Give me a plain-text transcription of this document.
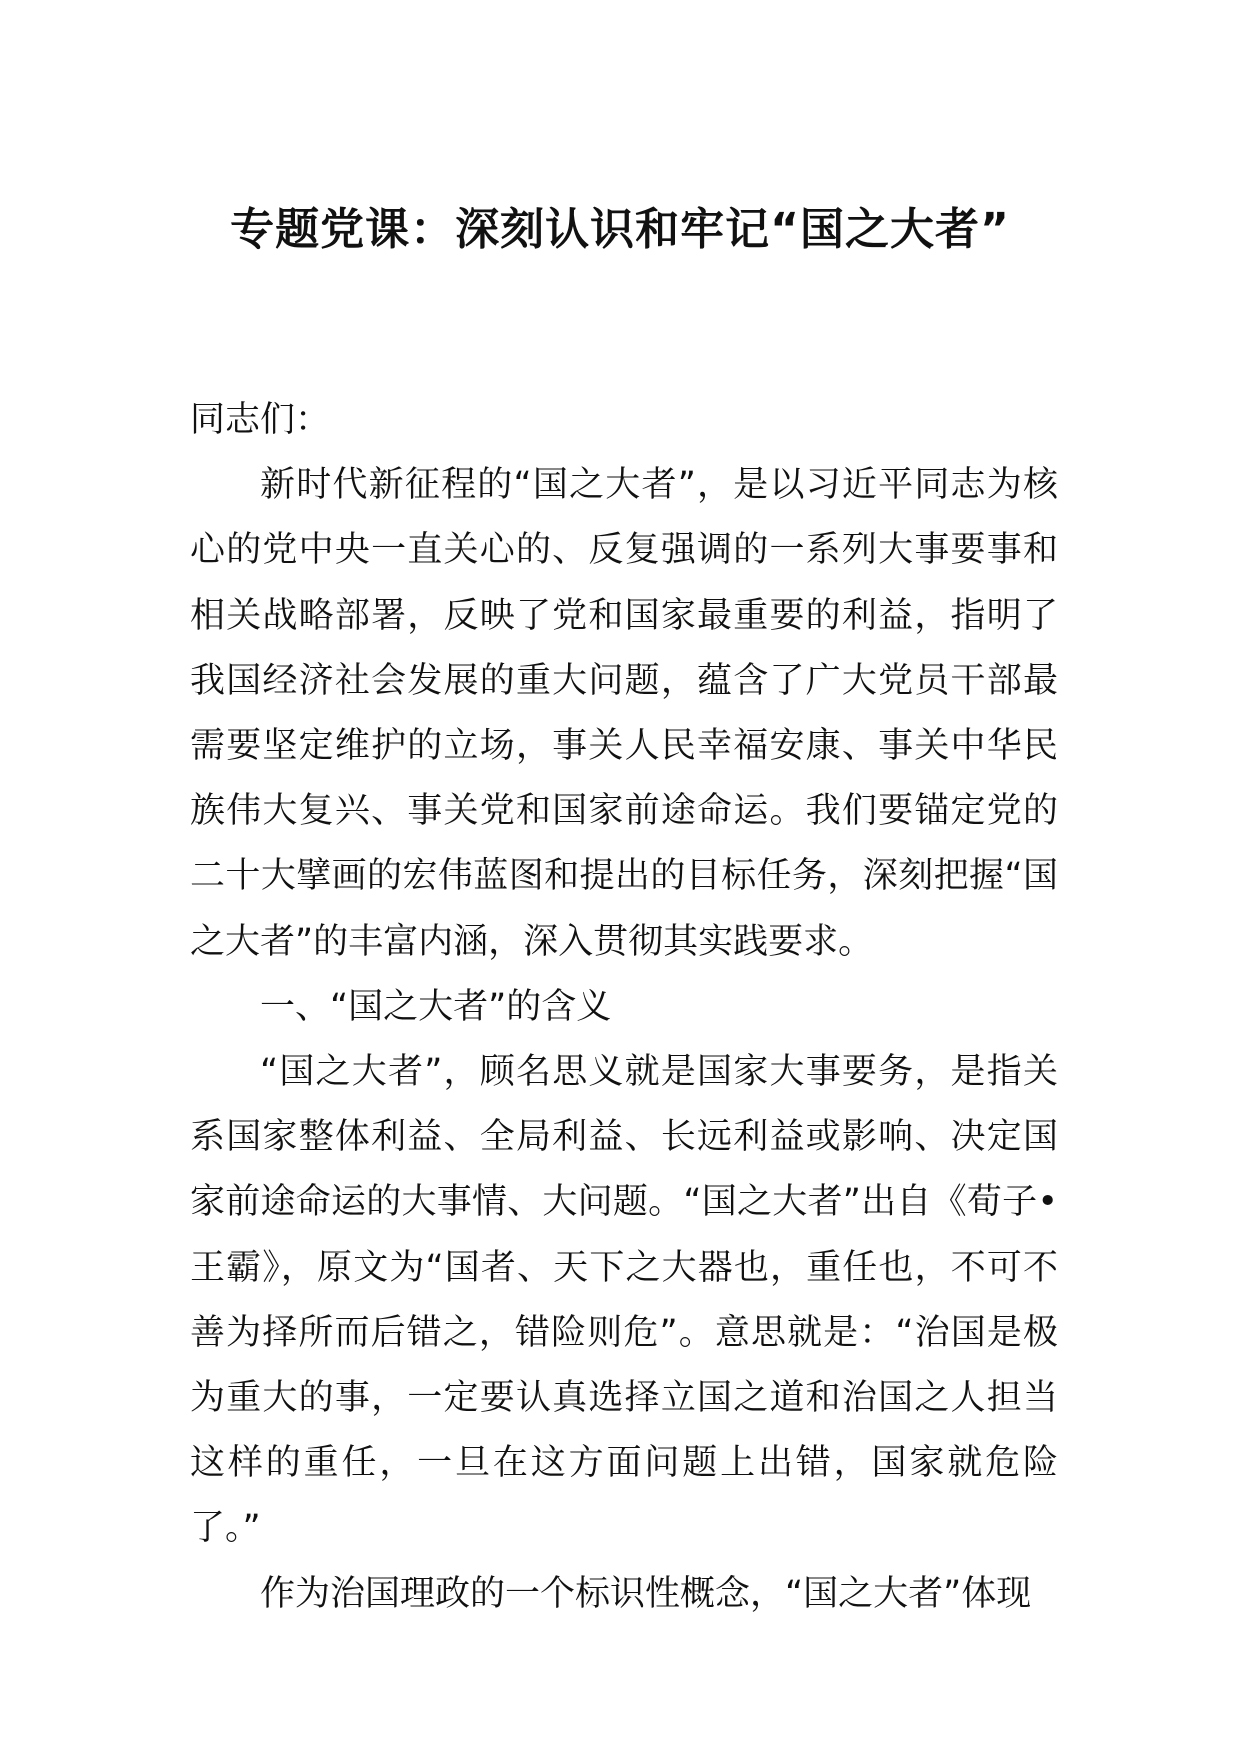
专题党课：深刻认识和牢记“国之大者”

同志们：

新时代新征程的“国之大者”，是以习近平同志为核心的党中央一直关心的、反复强调的一系列大事要事和相关战略部署，反映了党和国家最重要的利益，指明了我国经济社会发展的重大问题，蕴含了广大党员干部最需要坚定维护的立场，事关人民幸福安康、事关中华民族伟大复兴、事关党和国家前途命运。我们要锚定党的二十大擘画的宏伟蓝图和提出的目标任务，深刻把握“国之大者”的丰富内涵，深入贯彻其实践要求。

一、“国之大者”的含义

“国之大者”，顾名思义就是国家大事要务，是指关系国家整体利益、全局利益、长远利益或影响、决定国家前途命运的大事情、大问题。“国之大者”出自《荀子•王霸》，原文为“国者、天下之大器也，重任也，不可不善为择所而后错之，错险则危”。意思就是：“治国是极为重大的事，一定要认真选择立国之道和治国之人担当这样的重任，一旦在这方面问题上出错，国家就危险了。”

作为治国理政的一个标识性概念，“国之大者”体现
